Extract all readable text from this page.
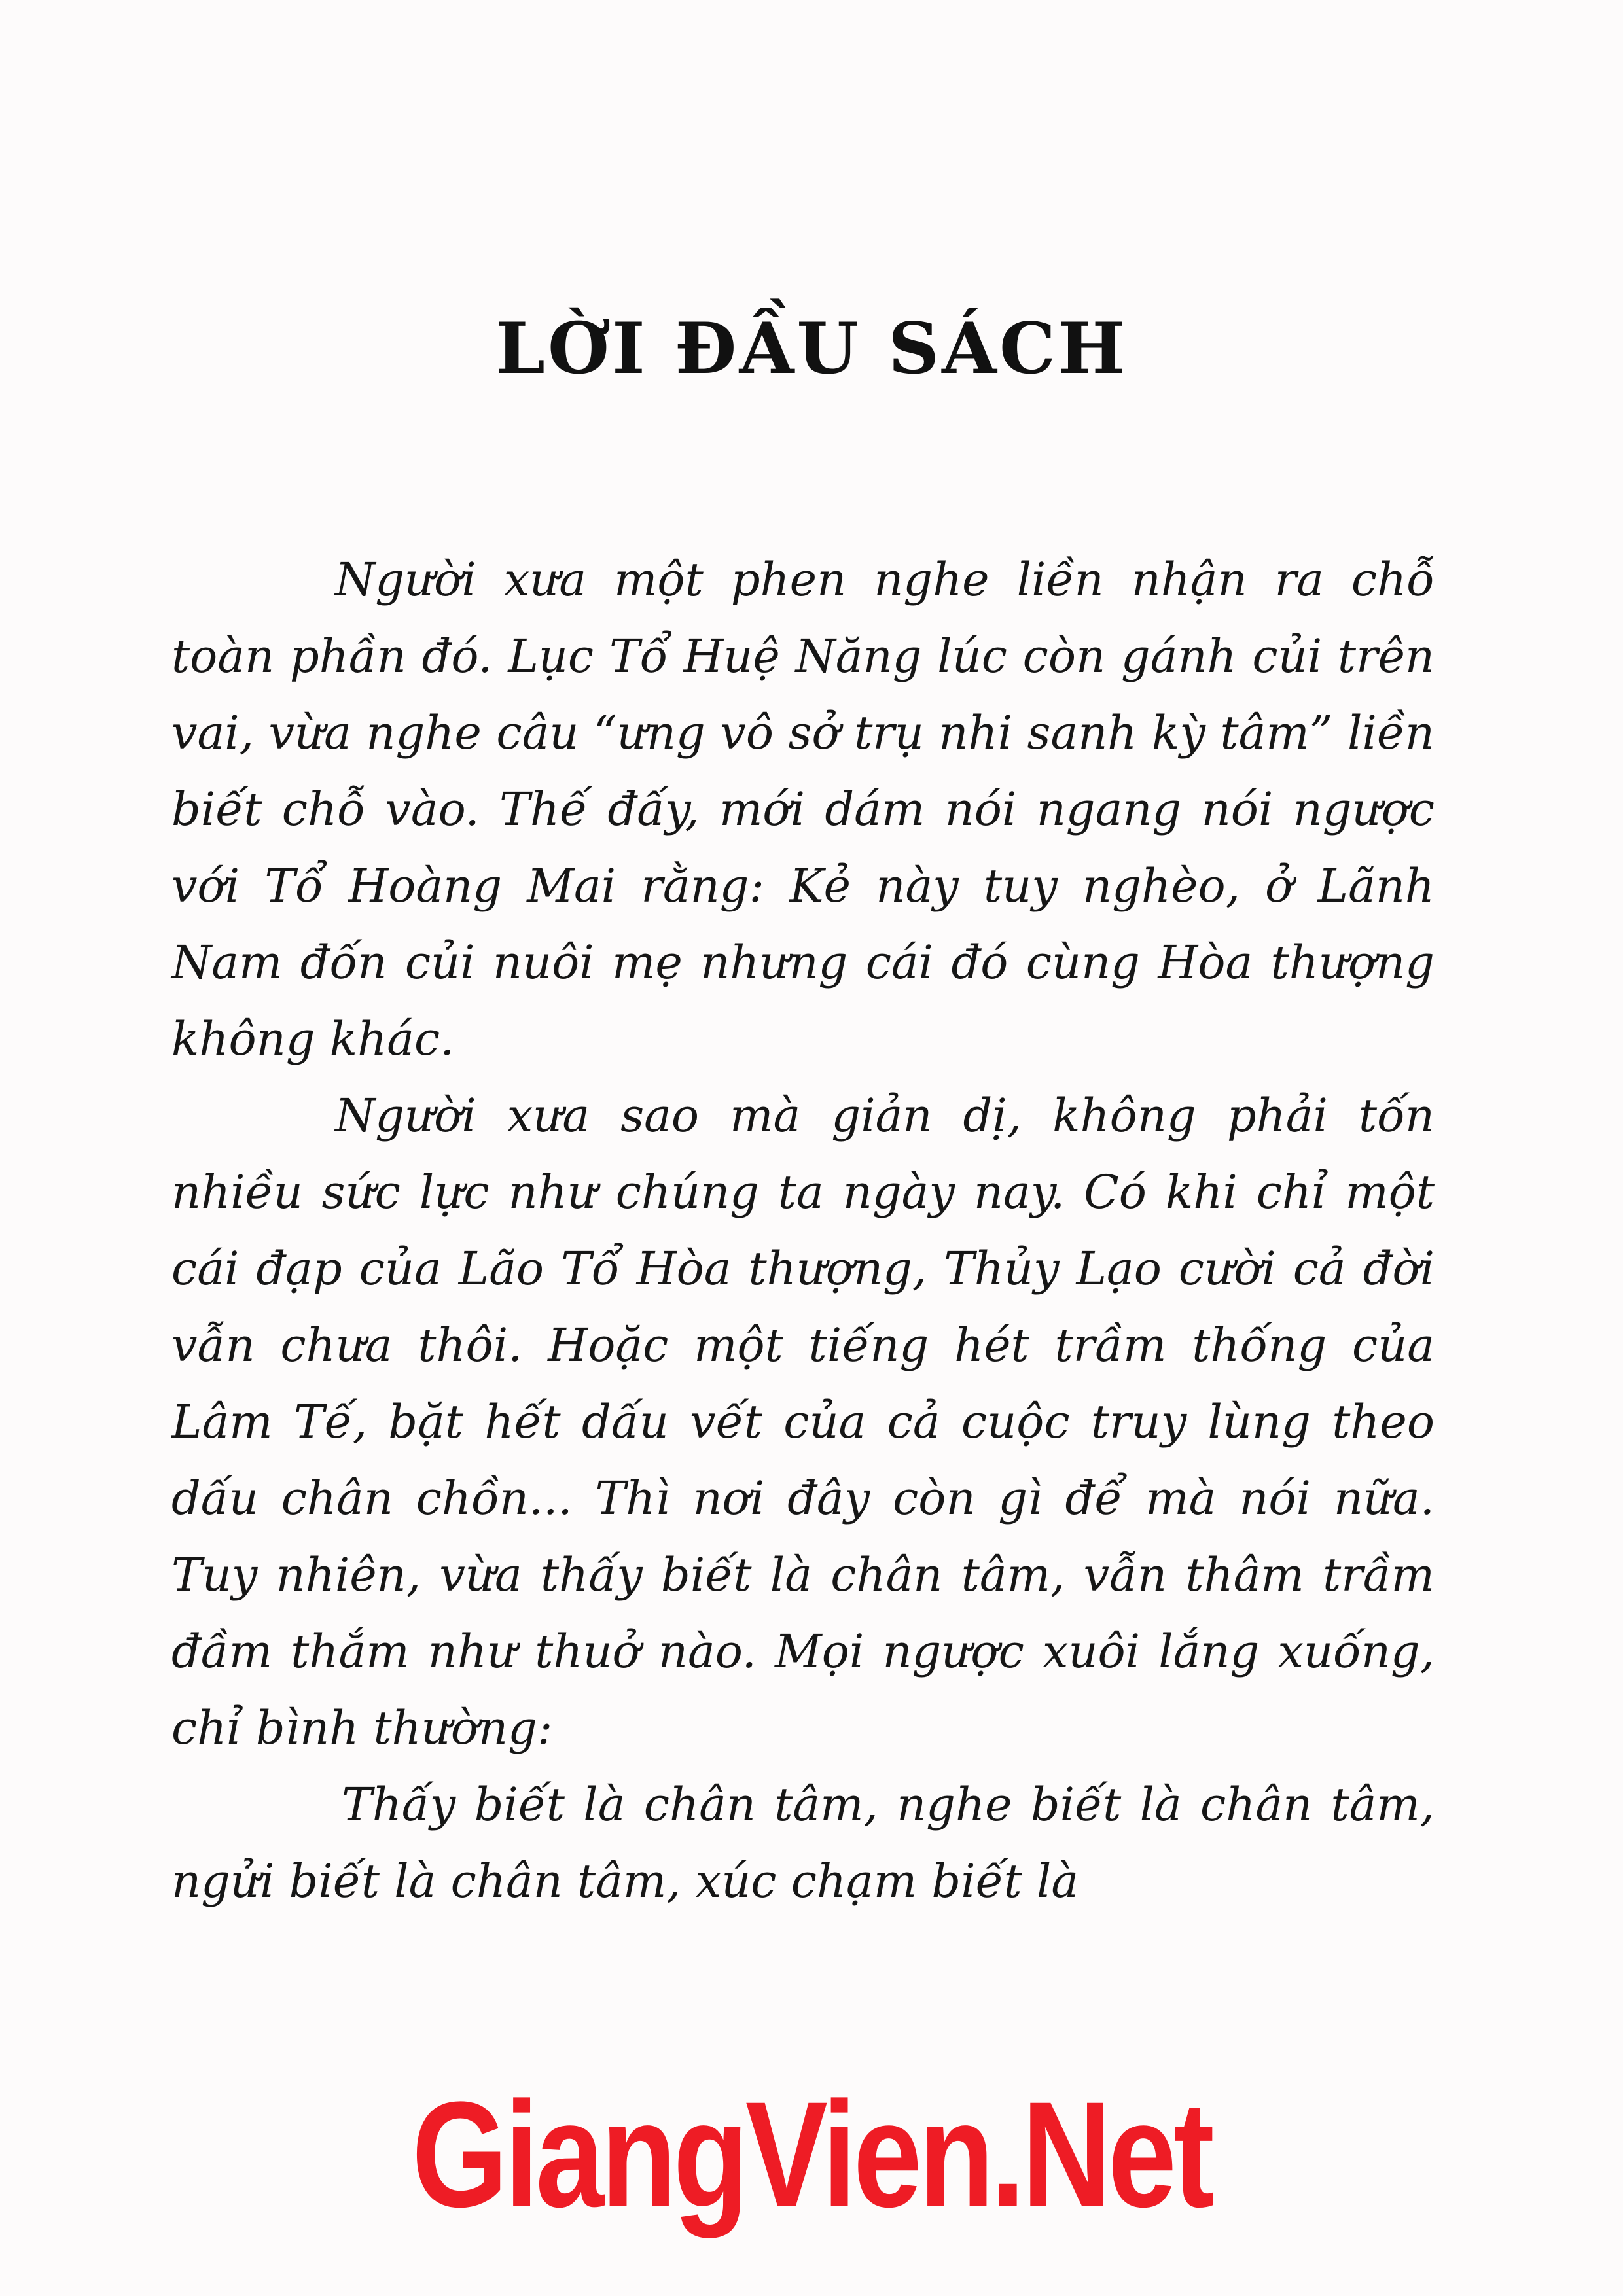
LỜI ĐẦU SÁCH

Người xưa một phen nghe liền nhận ra chỗ toàn phần đó. Lục Tổ Huệ Năng lúc còn gánh củi trên vai, vừa nghe câu “ưng vô sở trụ nhi sanh kỳ tâm” liền biết chỗ vào. Thế đấy, mới dám nói ngang nói ngược với Tổ Hoàng Mai rằng: Kẻ này tuy nghèo, ở Lãnh Nam đốn củi nuôi mẹ nhưng cái đó cùng Hòa thượng không khác.

Người xưa sao mà giản dị, không phải tốn nhiều sức lực như chúng ta ngày nay. Có khi chỉ một cái đạp của Lão Tổ Hòa thượng, Thủy Lạo cười cả đời vẫn chưa thôi. Hoặc một tiếng hét trầm thống của Lâm Tế, bặt hết dấu vết của cả cuộc truy lùng theo dấu chân chồn... Thì nơi đây còn gì để mà nói nữa. Tuy nhiên, vừa thấy biết là chân tâm, vẫn thâm trầm đầm thắm như thuở nào. Mọi ngược xuôi lắng xuống, chỉ bình thường:

Thấy biết là chân tâm, nghe biết là chân tâm, ngửi biết là chân tâm, xúc chạm biết là

GiangVien.Net
